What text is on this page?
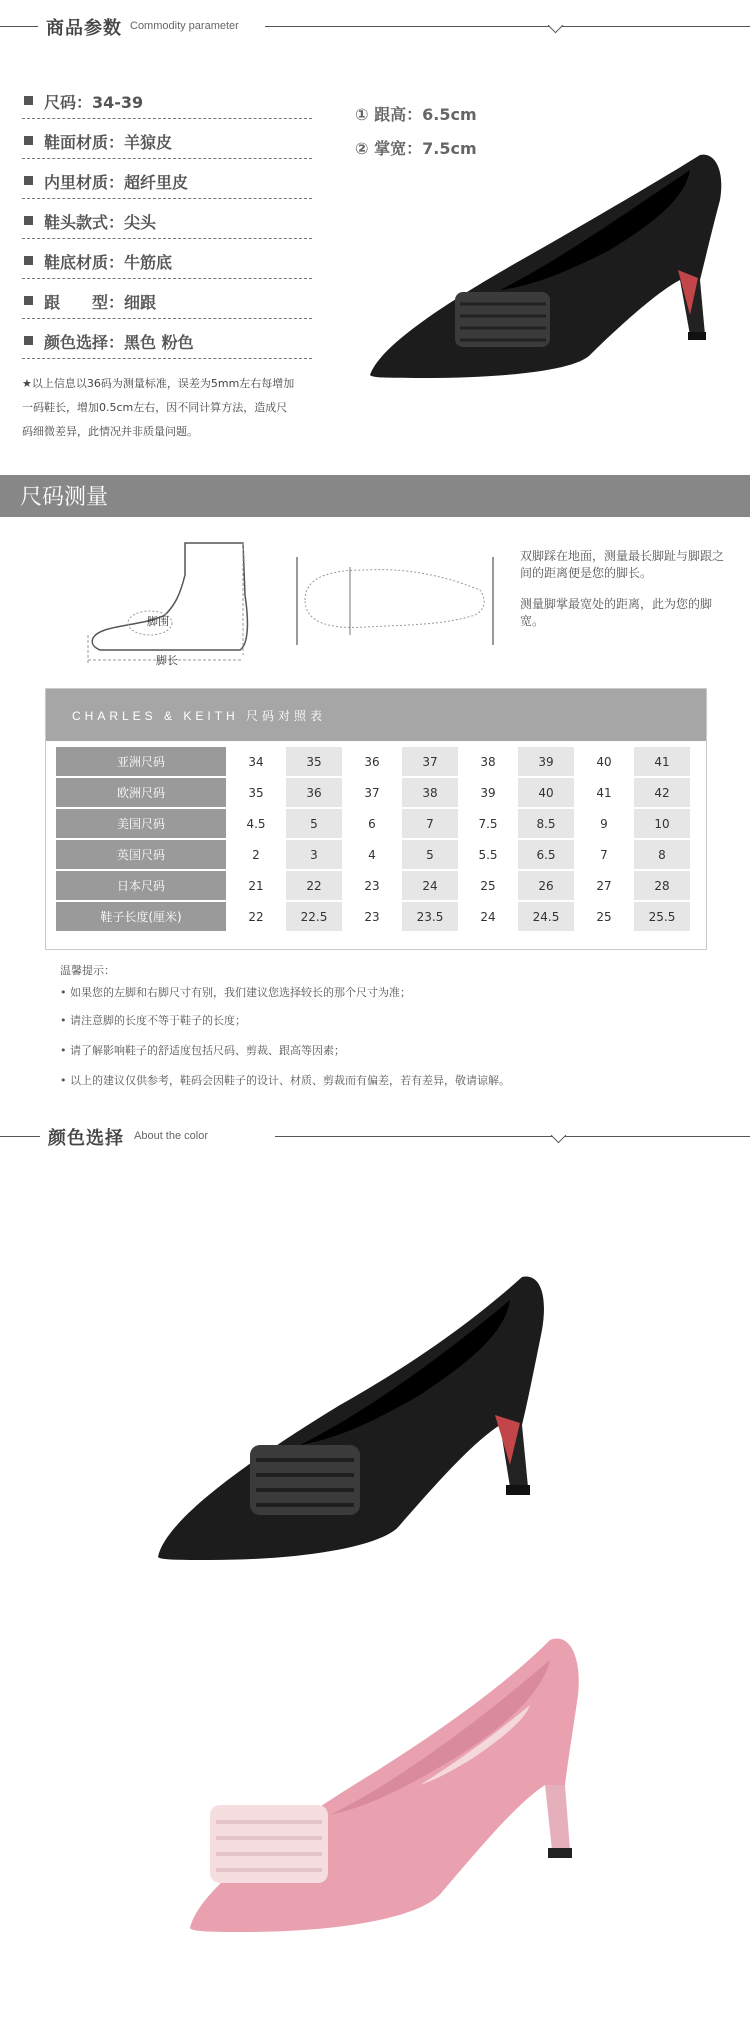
商品参数 Commodity parameter
尺码：34-39
鞋面材质：羊猄皮
内里材质：超纤里皮
鞋头款式：尖头
鞋底材质：牛筋底
跟　　型：细跟
颜色选择：黑色 粉色
① 跟高：6.5cm
② 掌宽：7.5cm
★以上信息以36码为测量标准，误差为5mm左右每增加
一码鞋长，增加0.5cm左右，因不同计算方法，造成尺
码细微差异，此情况并非质量问题。
尺码测量
脚围
脚长
双脚踩在地面，测量最长脚趾与脚跟之间的距离便是您的脚长。
测量脚掌最宽处的距离，此为您的脚宽。
CHARLES & KEITH 尺码对照表
亚洲尺码	34	35	36	37	38	39	40	41
欧洲尺码	35	36	37	38	39	40	41	42
美国尺码	4.5	5	6	7	7.5	8.5	9	10
英国尺码	2	3	4	5	5.5	6.5	7	8
日本尺码	21	22	23	24	25	26	27	28
鞋子长度(厘米)	22	22.5	23	23.5	24	24.5	25	25.5
温馨提示：
• 如果您的左脚和右脚尺寸有别，我们建议您选择较长的那个尺寸为准；
• 请注意脚的长度不等于鞋子的长度；
• 请了解影响鞋子的舒适度包括尺码、剪裁、跟高等因素；
• 以上的建议仅供参考，鞋码会因鞋子的设计、材质、剪裁而有偏差，若有差异，敬请谅解。
颜色选择 About the color
